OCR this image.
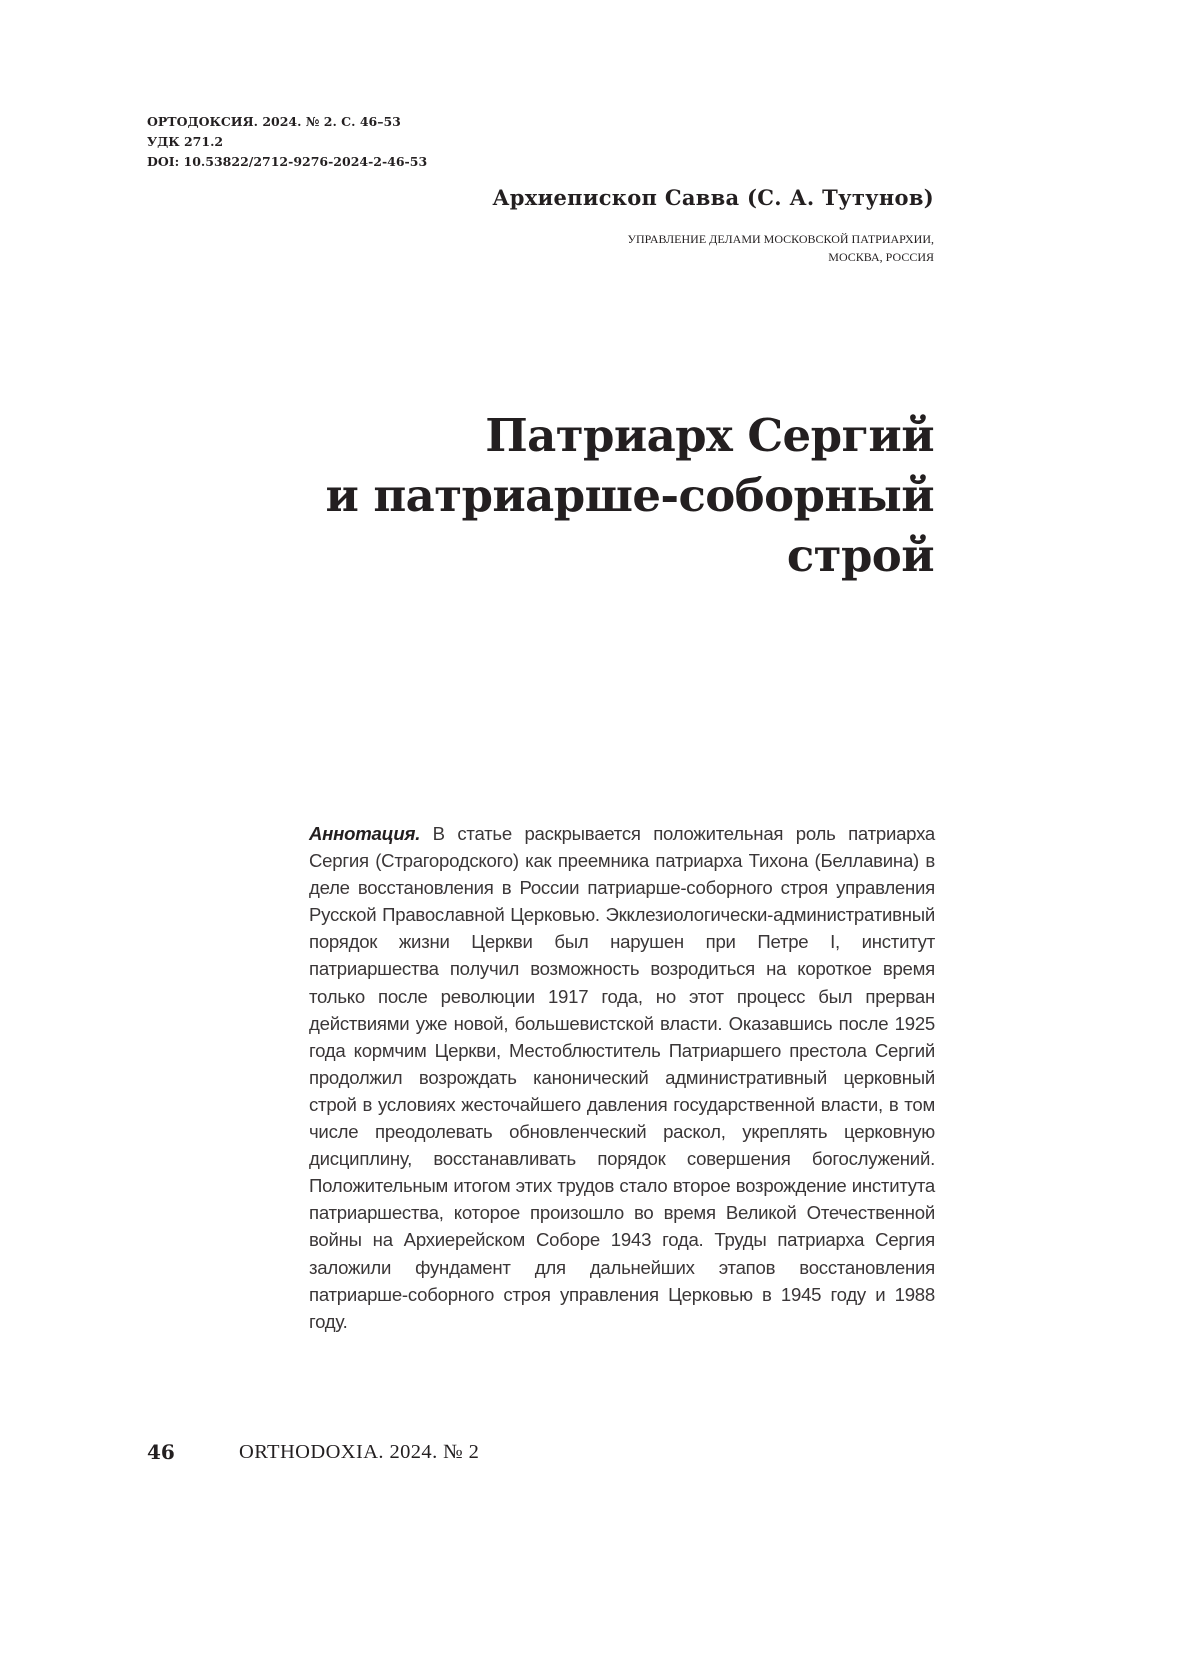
ОРТОДОКСИЯ. 2024. № 2. С. 46–53
УДК 271.2
DOI: 10.53822/2712-9276-2024-2-46-53
Архиепископ Савва (С. А. Тутунов)
УПРАВЛЕНИЕ ДЕЛАМИ МОСКОВСКОЙ ПАТРИАРХИИ,
МОСКВА, РОССИЯ
Патриарх Сергий
и патриарше-соборный
строй
Аннотация. В статье раскрывается положительная роль патриарха Сергия (Страгородского) как преемника патриарха Тихона (Беллавина) в деле восстановления в России патриарше-соборного строя управления Русской Православной Церковью. Экклезиологически-административный порядок жизни Церкви был нарушен при Петре I, институт патриаршества получил возможность возродиться на короткое время только после революции 1917 года, но этот процесс был прерван действиями уже новой, большевистской власти. Оказавшись после 1925 года кормчим Церкви, Местоблюститель Патриаршего престола Сергий продолжил возрождать канонический административный церковный строй в условиях жесточайшего давления государственной власти, в том числе преодолевать обновленческий раскол, укреплять церковную дисциплину, восстанавливать порядок совершения богослужений. Положительным итогом этих трудов стало второе возрождение института патриаршества, которое произошло во время Великой Отечественной войны на Архиерейском Соборе 1943 года. Труды патриарха Сергия заложили фундамент для дальнейших этапов восстановления патриарше-соборного строя управления Церковью в 1945 году и 1988 году.
46	ORTHODOXIA. 2024. № 2
